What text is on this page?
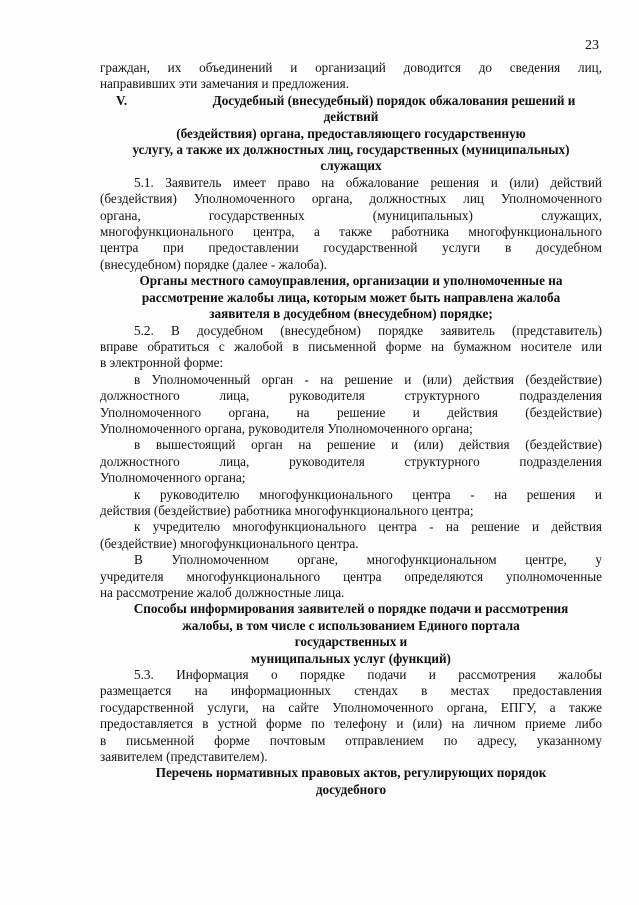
23

граждан, их объединений и организаций доводится до сведения лиц,

направивших эти замечания и предложения.

V.	Досудебный (внесудебный) порядок обжалования решений и

действий

(бездействия) органа, предоставляющего государственную

услугу, а также их должностных лиц, государственных (муниципальных)

служащих

5.1. Заявитель имеет право на обжалование решения и (или) действий

(бездействия) Уполномоченного органа, должностных лиц Уполномоченного

органа, государственных (муниципальных) служащих,

многофункционального центра, а также работника многофункционального

центра при предоставлении государственной услуги в досудебном

(внесудебном) порядке (далее - жалоба).

Органы местного самоуправления, организации и уполномоченные на

рассмотрение жалобы лица, которым может быть направлена жалоба

заявителя в досудебном (внесудебном) порядке;

5.2. В досудебном (внесудебном) порядке заявитель (представитель)

вправе обратиться с жалобой в письменной форме на бумажном носителе или

в электронной форме:

в Уполномоченный орган - на решение и (или) действия (бездействие)

должностного лица, руководителя структурного подразделения

Уполномоченного органа, на решение и действия (бездействие)

Уполномоченного органа, руководителя Уполномоченного органа;

в вышестоящий орган на решение и (или) действия (бездействие)

должностного лица, руководителя структурного подразделения

Уполномоченного органа;

к руководителю многофункционального центра - на решения и

действия (бездействие) работника многофункционального центра;

к учредителю многофункционального центра - на решение и действия

(бездействие) многофункционального центра.

В Уполномоченном органе, многофункциональном центре, у

учредителя многофункционального центра определяются уполномоченные

на рассмотрение жалоб должностные лица.

Способы информирования заявителей о порядке подачи и рассмотрения

жалобы, в том числе с использованием Единого портала

государственных и

муниципальных услуг (функций)

5.3. Информация о порядке подачи и рассмотрения жалобы

размещается на информационных стендах в местах предоставления

государственной услуги, на сайте Уполномоченного органа, ЕПГУ, а также

предоставляется в устной форме по телефону и (или) на личном приеме либо

в письменной форме почтовым отправлением по адресу, указанному

заявителем (представителем).

Перечень нормативных правовых актов, регулирующих порядок

досудебного
